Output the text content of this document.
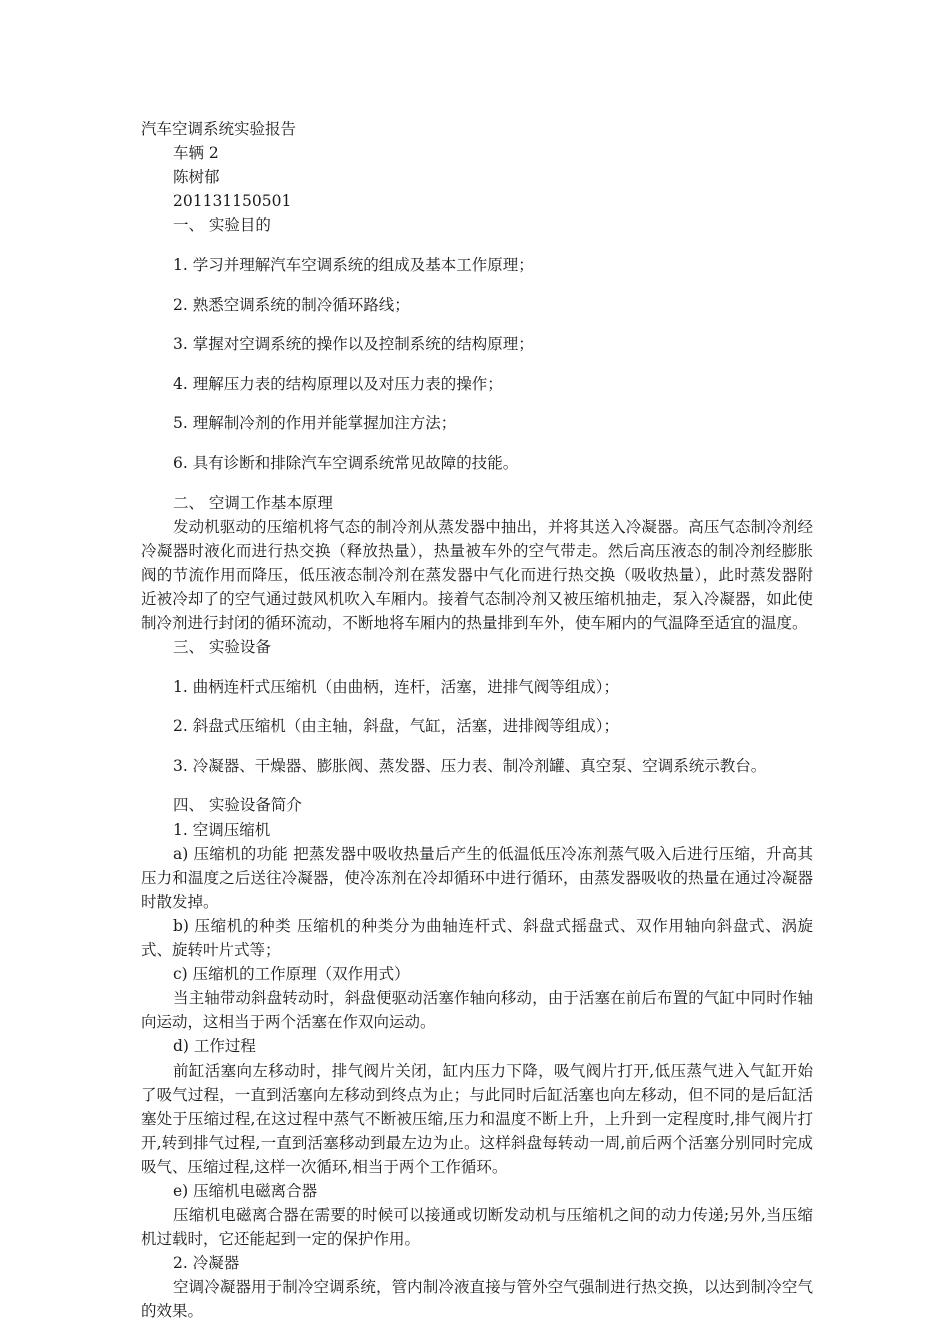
汽车空调系统实验报告

车辆 2

陈树郁

201131150501

一、 实验目的

1. 学习并理解汽车空调系统的组成及基本工作原理；

2. 熟悉空调系统的制冷循环路线；

3. 掌握对空调系统的操作以及控制系统的结构原理；

4. 理解压力表的结构原理以及对压力表的操作；

5. 理解制冷剂的作用并能掌握加注方法；

6. 具有诊断和排除汽车空调系统常见故障的技能。

二、 空调工作基本原理

发动机驱动的压缩机将气态的制冷剂从蒸发器中抽出，并将其送入冷凝器。高压气态制冷剂经冷凝器时液化而进行热交换（释放热量），热量被车外的空气带走。然后高压液态的制冷剂经膨胀阀的节流作用而降压，低压液态制冷剂在蒸发器中气化而进行热交换（吸收热量），此时蒸发器附近被冷却了的空气通过鼓风机吹入车厢内。接着气态制冷剂又被压缩机抽走，泵入冷凝器，如此使制冷剂进行封闭的循环流动，不断地将车厢内的热量排到车外，使车厢内的气温降至适宜的温度。

三、 实验设备

1. 曲柄连杆式压缩机（由曲柄，连杆，活塞，进排气阀等组成）；

2. 斜盘式压缩机（由主轴，斜盘，气缸，活塞，进排阀等组成）；

3. 冷凝器、干燥器、膨胀阀、蒸发器、压力表、制冷剂罐、真空泵、空调系统示教台。

四、 实验设备简介

1. 空调压缩机

a) 压缩机的功能 把蒸发器中吸收热量后产生的低温低压冷冻剂蒸气吸入后进行压缩，升高其压力和温度之后送往冷凝器，使冷冻剂在冷却循环中进行循环，由蒸发器吸收的热量在通过冷凝器时散发掉。

b) 压缩机的种类 压缩机的种类分为曲轴连杆式、斜盘式摇盘式、双作用轴向斜盘式、涡旋式、旋转叶片式等；

c) 压缩机的工作原理（双作用式）

当主轴带动斜盘转动时，斜盘便驱动活塞作轴向移动，由于活塞在前后布置的气缸中同时作轴向运动，这相当于两个活塞在作双向运动。

d) 工作过程

前缸活塞向左移动时，排气阀片关闭，缸内压力下降，吸气阀片打开,低压蒸气进入气缸开始了吸气过程，一直到活塞向左移动到终点为止；与此同时后缸活塞也向左移动，但不同的是后缸活塞处于压缩过程,在这过程中蒸气不断被压缩,压力和温度不断上升，上升到一定程度时,排气阀片打开,转到排气过程,一直到活塞移动到最左边为止。这样斜盘每转动一周,前后两个活塞分别同时完成吸气、压缩过程,这样一次循环,相当于两个工作循环。

e) 压缩机电磁离合器

压缩机电磁离合器在需要的时候可以接通或切断发动机与压缩机之间的动力传递;另外,当压缩机过载时，它还能起到一定的保护作用。

2. 冷凝器

空调冷凝器用于制冷空调系统，管内制冷液直接与管外空气强制进行热交换，以达到制冷空气的效果。
